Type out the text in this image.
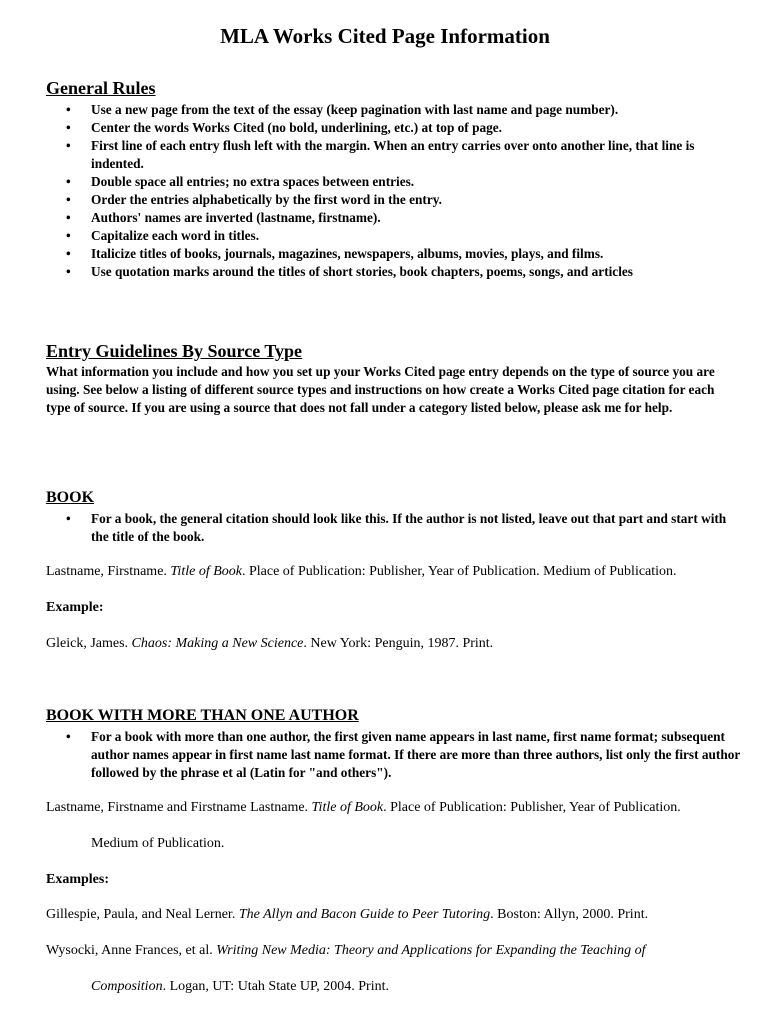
MLA Works Cited Page Information
General Rules
• Use a new page from the text of the essay (keep pagination with last name and page number).
• Center the words Works Cited (no bold, underlining, etc.) at top of page.
• First line of each entry flush left with the margin. When an entry carries over onto another line, that line is indented.
• Double space all entries; no extra spaces between entries.
• Order the entries alphabetically by the first word in the entry.
• Authors' names are inverted (lastname, firstname).
• Capitalize each word in titles.
• Italicize titles of books, journals, magazines, newspapers, albums, movies, plays, and films.
• Use quotation marks around the titles of short stories, book chapters, poems, songs, and articles
Entry Guidelines By Source Type

What information you include and how you set up your Works Cited page entry depends on the type of source you are using. See below a listing of different source types and instructions on how create a Works Cited page citation for each type of source. If you are using a source that does not fall under a category listed below, please ask me for help.

BOOK
• For a book, the general citation should look like this. If the author is not listed, leave out that part and start with the title of the book.

Lastname, Firstname. Title of Book. Place of Publication: Publisher, Year of Publication. Medium of Publication.

Example:

Gleick, James. Chaos: Making a New Science. New York: Penguin, 1987. Print.

BOOK WITH MORE THAN ONE AUTHOR
• For a book with more than one author, the first given name appears in last name, first name format; subsequent author names appear in first name last name format. If there are more than three authors, list only the first author followed by the phrase et al (Latin for "and others").

Lastname, Firstname and Firstname Lastname. Title of Book. Place of Publication: Publisher, Year of Publication.

Medium of Publication.

Examples:

Gillespie, Paula, and Neal Lerner. The Allyn and Bacon Guide to Peer Tutoring. Boston: Allyn, 2000. Print.

Wysocki, Anne Frances, et al. Writing New Media: Theory and Applications for Expanding the Teaching of

Composition. Logan, UT: Utah State UP, 2004. Print.
